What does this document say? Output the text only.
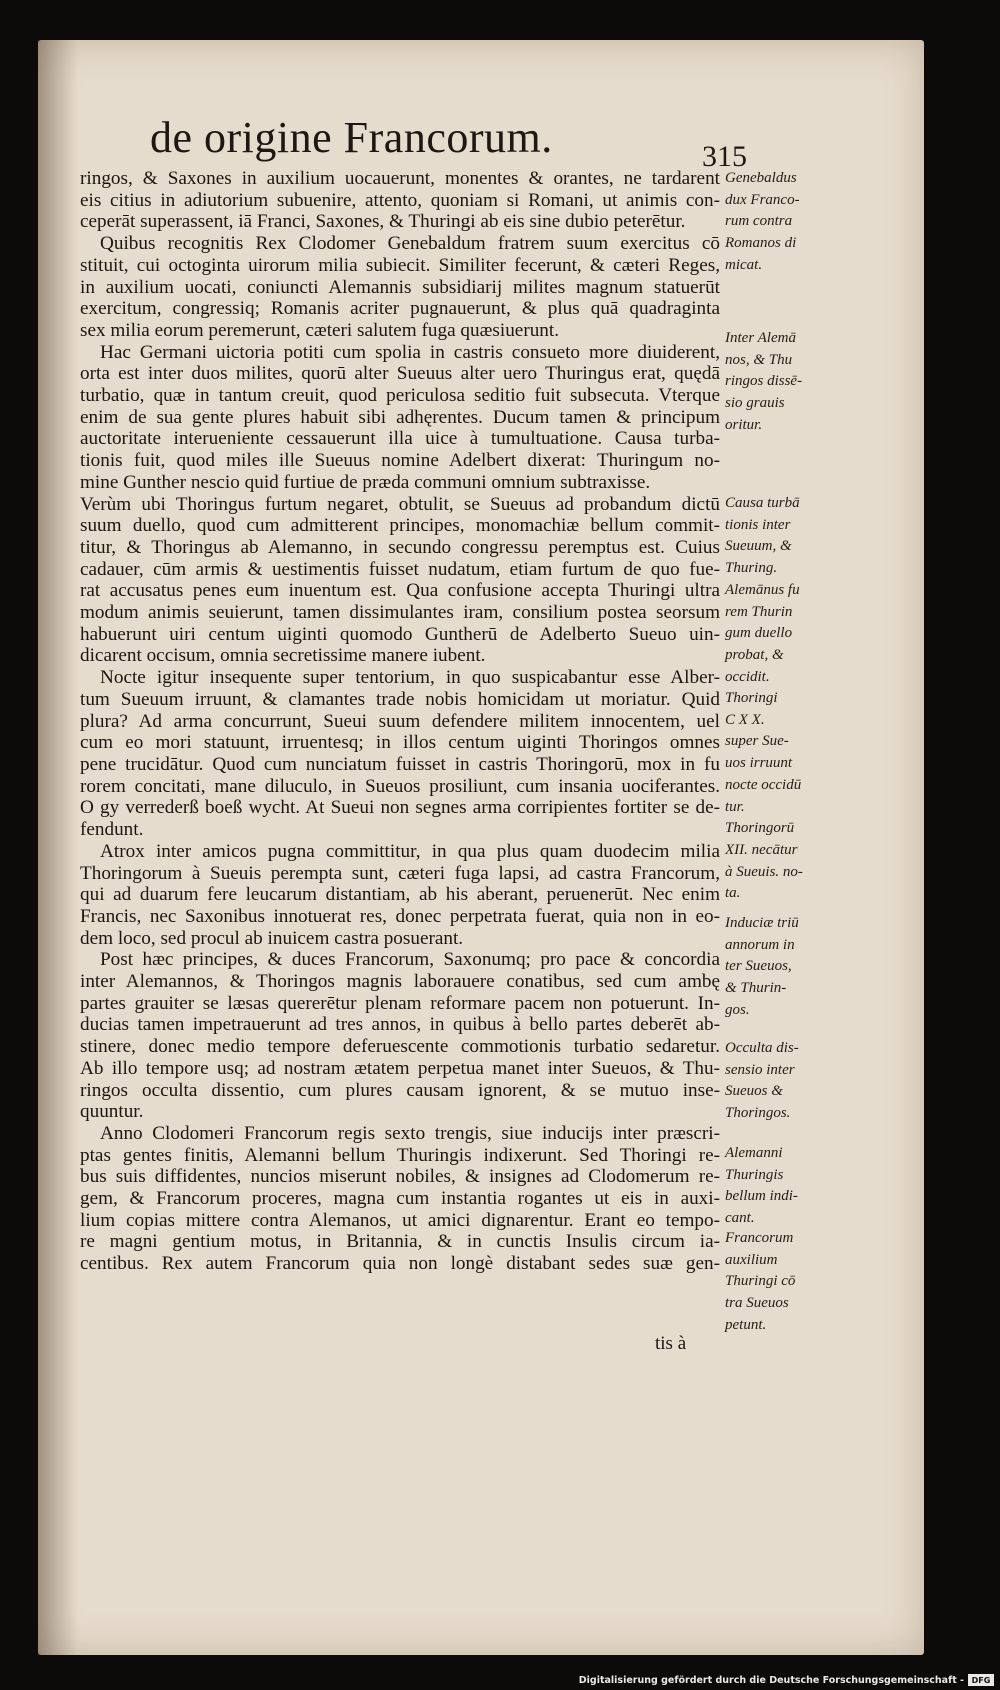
de origine Francorum.	315
ringos, & Saxones in auxilium uocauerunt, monentes & orantes, ne tardarent
eis citius in adiutorium subuenire, attento, quoniam si Romani, ut animis con-
ceperāt superassent, iā Franci, Saxones, & Thuringi ab eis sine dubio peterētur.
Quibus recognitis Rex Clodomer Genebaldum fratrem suum exercitus cō
stituit, cui octoginta uirorum milia subiecit. Similiter fecerunt, & cæteri Reges,
in auxilium uocati, coniuncti Alemannis subsidiarij milites magnum statuerūt
exercitum, congressiq; Romanis acriter pugnauerunt, & plus quā quadraginta
sex milia eorum peremerunt, cæteri salutem fuga quæsiuerunt.
Hac Germani uictoria potiti cum spolia in castris consueto more diuiderent,
orta est inter duos milites, quorū alter Sueuus alter uero Thuringus erat, quędā
turbatio, quæ in tantum creuit, quod periculosa seditio fuit subsecuta. Vterque
enim de sua gente plures habuit sibi adhęrentes. Ducum tamen & principum
auctoritate interueniente cessauerunt illa uice à tumultuatione. Causa turba-
tionis fuit, quod miles ille Sueuus nomine Adelbert dixerat: Thuringum no-
mine Gunther nescio quid furtiue de præda communi omnium subtraxisse.
Verùm ubi Thoringus furtum negaret, obtulit, se Sueuus ad probandum dictū
suum duello, quod cum admitterent principes, monomachiæ bellum commit-
titur, & Thoringus ab Alemanno, in secundo congressu peremptus est. Cuius
cadauer, cūm armis & uestimentis fuisset nudatum, etiam furtum de quo fue-
rat accusatus penes eum inuentum est. Qua confusione accepta Thuringi ultra
modum animis seuierunt, tamen dissimulantes iram, consilium postea seorsum
habuerunt uiri centum uiginti quomodo Guntherū de Adelberto Sueuo uin-
dicarent occisum, omnia secretissime manere iubent.
Nocte igitur insequente super tentorium, in quo suspicabantur esse Alber-
tum Sueuum irruunt, & clamantes trade nobis homicidam ut moriatur. Quid
plura? Ad arma concurrunt, Sueui suum defendere militem innocentem, uel
cum eo mori statuunt, irruentesq; in illos centum uiginti Thoringos omnes
pene trucidātur. Quod cum nunciatum fuisset in castris Thoringorū, mox in fu
rorem concitati, mane diluculo, in Sueuos prosiliunt, cum insania uociferantes.
O gy verrederß boeß wycht. At Sueui non segnes arma corripientes fortiter se de-
fendunt.
Atrox inter amicos pugna committitur, in qua plus quam duodecim milia
Thoringorum à Sueuis perempta sunt, cæteri fuga lapsi, ad castra Francorum,
qui ad duarum fere leucarum distantiam, ab his aberant, peruenerūt. Nec enim
Francis, nec Saxonibus innotuerat res, donec perpetrata fuerat, quia non in eo-
dem loco, sed procul ab inuicem castra posuerant.
Post hæc principes, & duces Francorum, Saxonumq; pro pace & concordia
inter Alemannos, & Thoringos magnis laborauere conatibus, sed cum ambę
partes grauiter se læsas quererētur plenam reformare pacem non potuerunt. In-
ducias tamen impetrauerunt ad tres annos, in quibus à bello partes deberēt ab-
stinere, donec medio tempore deferuescente commotionis turbatio sedaretur.
Ab illo tempore usq; ad nostram ætatem perpetua manet inter Sueuos, & Thu-
ringos occulta dissentio, cum plures causam ignorent, & se mutuo inse-
quuntur.
Anno Clodomeri Francorum regis sexto trengis, siue inducijs inter præscri-
ptas gentes finitis, Alemanni bellum Thuringis indixerunt. Sed Thoringi re-
bus suis diffidentes, nuncios miserunt nobiles, & insignes ad Clodomerum re-
gem, & Francorum proceres, magna cum instantia rogantes ut eis in auxi-
lium copias mittere contra Alemanos, ut amici dignarentur. Erant eo tempo-
re magni gentium motus, in Britannia, & in cunctis Insulis circum ia-
centibus. Rex autem Francorum quia non longè distabant sedes suæ gen-
tis à
Genebaldus
dux Franco-
rum contra
Romanos di
micat.
Inter Alemā
nos, & Thu
ringos dissē-
sio grauis
oritur.
Causa turbā
tionis inter
Sueuum, &
Thuring.
Alemānus fu
rem Thurin
gum duello
probat, &
occidit.
Thoringi
C X X.
super Sue-
uos irruunt
nocte occidū
tur.
Thoringorū
XII. necātur
à Sueuis. no-
ta.
Induciæ triū
annorum in
ter Sueuos,
& Thurin-
gos.
Occulta dis-
sensio inter
Sueuos &
Thoringos.
Alemanni
Thuringis
bellum indi-
cant.
Francorum
auxilium
Thuringi cō
tra Sueuos
petunt.
Digitalisierung gefördert durch die Deutsche Forschungsgemeinschaft - DFG
